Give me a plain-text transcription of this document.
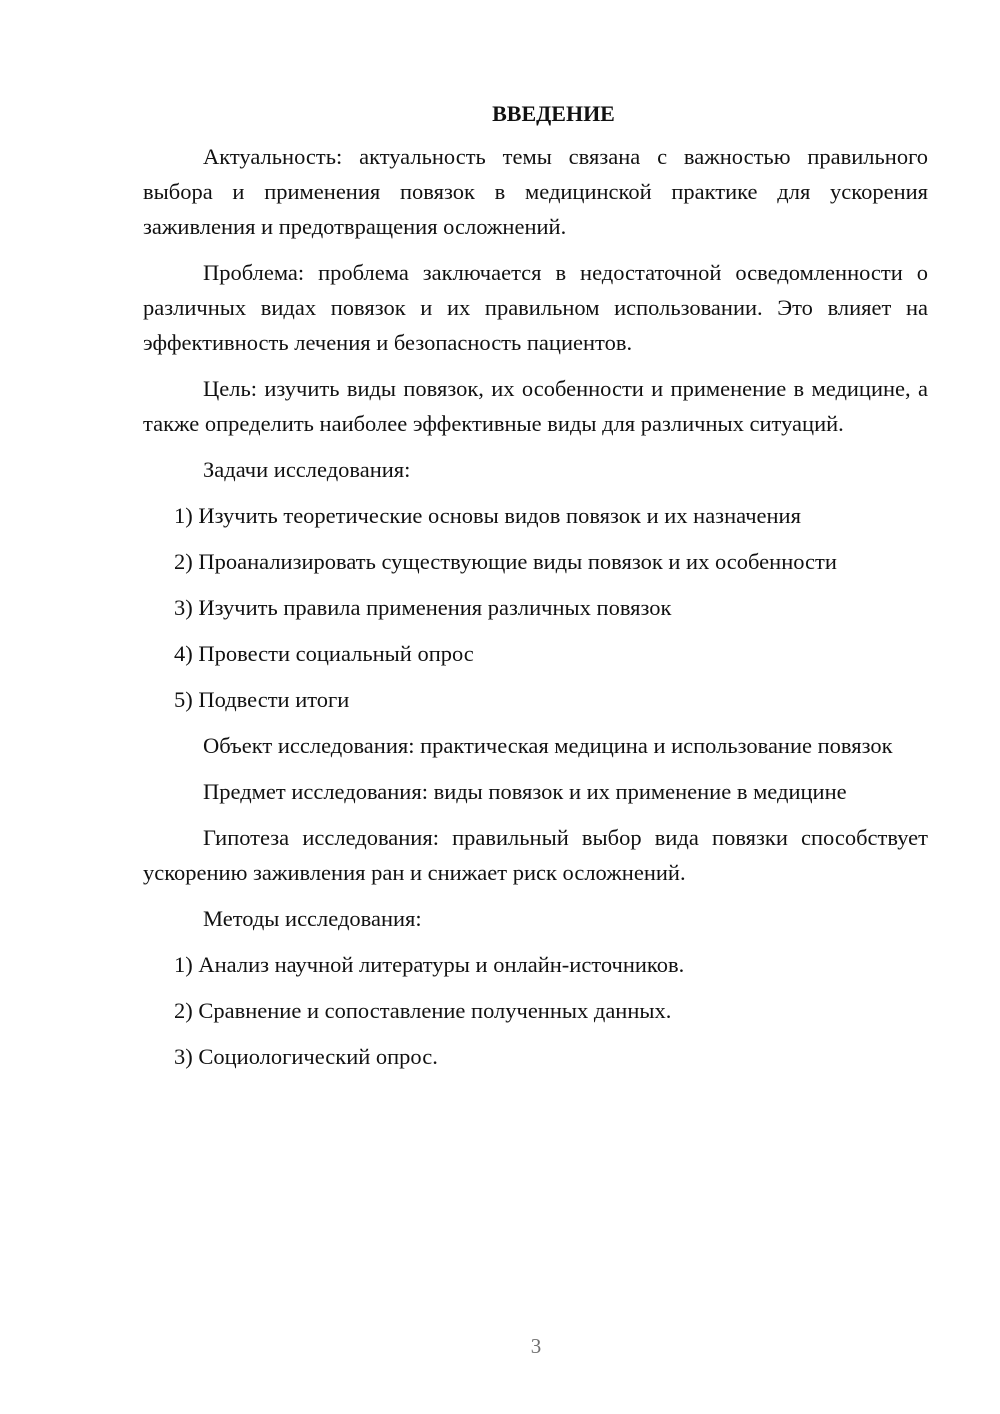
ВВЕДЕНИЕ

Актуальность: актуальность темы связана с важностью правильного выбора и применения повязок в медицинской практике для ускорения заживления и предотвращения осложнений.

Проблема: проблема заключается в недостаточной осведомленности о различных видах повязок и их правильном использовании. Это влияет на эффективность лечения и безопасность пациентов.

Цель: изучить виды повязок, их особенности и применение в медицине, а также определить наиболее эффективные виды для различных ситуаций.

Задачи исследования:

1) Изучить теоретические основы видов повязок и их назначения
2) Проанализировать существующие виды повязок и их особенности
3) Изучить правила применения различных повязок
4) Провести социальный опрос
5) Подвести итоги

Объект исследования: практическая медицина и использование повязок

Предмет исследования: виды повязок и их применение в медицине

Гипотеза исследования: правильный выбор вида повязки способствует ускорению заживления ран и снижает риск осложнений.

Методы исследования:

1) Анализ научной литературы и онлайн-источников.
2) Сравнение и сопоставление полученных данных.
3) Социологический опрос.
3
